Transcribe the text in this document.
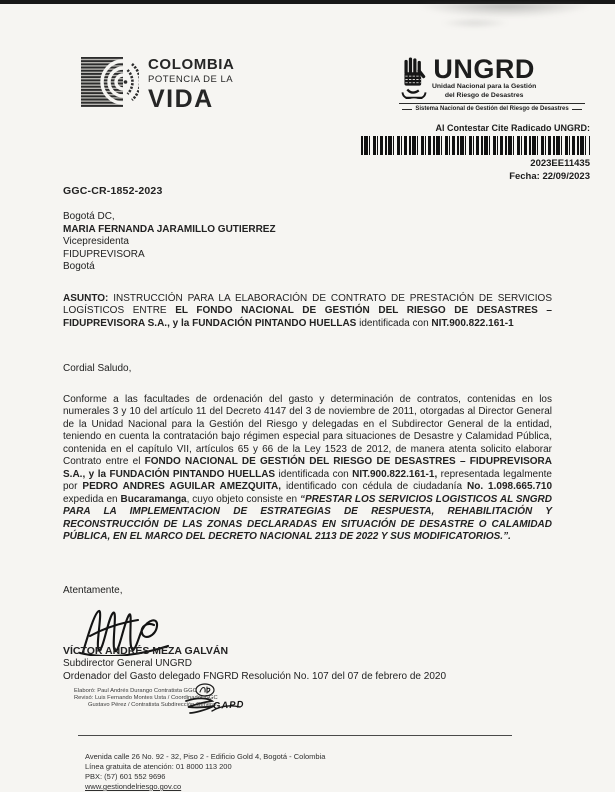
COLOMBIA
POTENCIA DE LA
VIDA
UNGRD
Unidad Nacional para la Gestión
del Riesgo de Desastres
Sistema Nacional de Gestión del Riesgo de Desastres
Al Contestar Cite Radicado UNGRD:
2023EE11435
Fecha: 22/09/2023
GGC-CR-1852-2023
Bogotá DC,
MARIA FERNANDA JARAMILLO GUTIERREZ
Vicepresidenta
FIDUPREVISORA
Bogotá
ASUNTO: INSTRUCCIÓN PARA LA ELABORACIÓN DE CONTRATO DE PRESTACIÓN DE SERVICIOS LOGÍSTICOS ENTRE EL FONDO NACIONAL DE GESTIÓN DEL RIESGO DE DESASTRES – FIDUPREVISORA S.A., y la FUNDACIÓN PINTANDO HUELLAS identificada con NIT.900.822.161-1
Cordial Saludo,
Conforme a las facultades de ordenación del gasto y determinación de contratos, contenidas en los numerales 3 y 10 del artículo 11 del Decreto 4147 del 3 de noviembre de 2011, otorgadas al Director General de la Unidad Nacional para la Gestión del Riesgo y delegadas en el Subdirector General de la entidad, teniendo en cuenta la contratación bajo régimen especial para situaciones de Desastre y Calamidad Pública, contenida en el capítulo VII, artículos 65 y 66 de la Ley 1523 de 2012, de manera atenta solicito elaborar Contrato entre el FONDO NACIONAL DE GESTIÓN DEL RIESGO DE DESASTRES – FIDUPREVISORA S.A., y la FUNDACIÓN PINTANDO HUELLAS identificada con NIT.900.822.161-1, representada legalmente por PEDRO ANDRES AGUILAR AMEZQUITA, identificado con cédula de ciudadanía No. 1.098.665.710 expedida en Bucaramanga, cuyo objeto consiste en “PRESTAR LOS SERVICIOS LOGISTICOS AL SNGRD PARA LA IMPLEMENTACION DE ESTRATEGIAS DE RESPUESTA, REHABILITACIÓN Y RECONSTRUCCIÓN DE LAS ZONAS DECLARADAS EN SITUACIÓN DE DESASTRE O CALAMIDAD PÚBLICA, EN EL MARCO DEL DECRETO NACIONAL 2113 DE 2022 Y SUS MODIFICATORIOS.”.
Atentamente,
VÍCTOR ANDRÉS MEZA GALVÁN
Subdirector General UNGRD
Ordenador del Gasto delegado FNGRD Resolución No. 107 del 07 de febrero de 2020
Elaboró: Paul Andrés Durango Contratista GGC
Revisó: Luis Fernando Montes Usta / Coordinador GGC
Gustavo Pérez / Contratista Subdirección General
GAPD
Avenida calle 26 No. 92 - 32, Piso 2 - Edificio Gold 4, Bogotá - Colombia
Línea gratuita de atención: 01 8000 113 200
PBX: (57) 601 552 9696
www.gestiondelriesgo.gov.co
